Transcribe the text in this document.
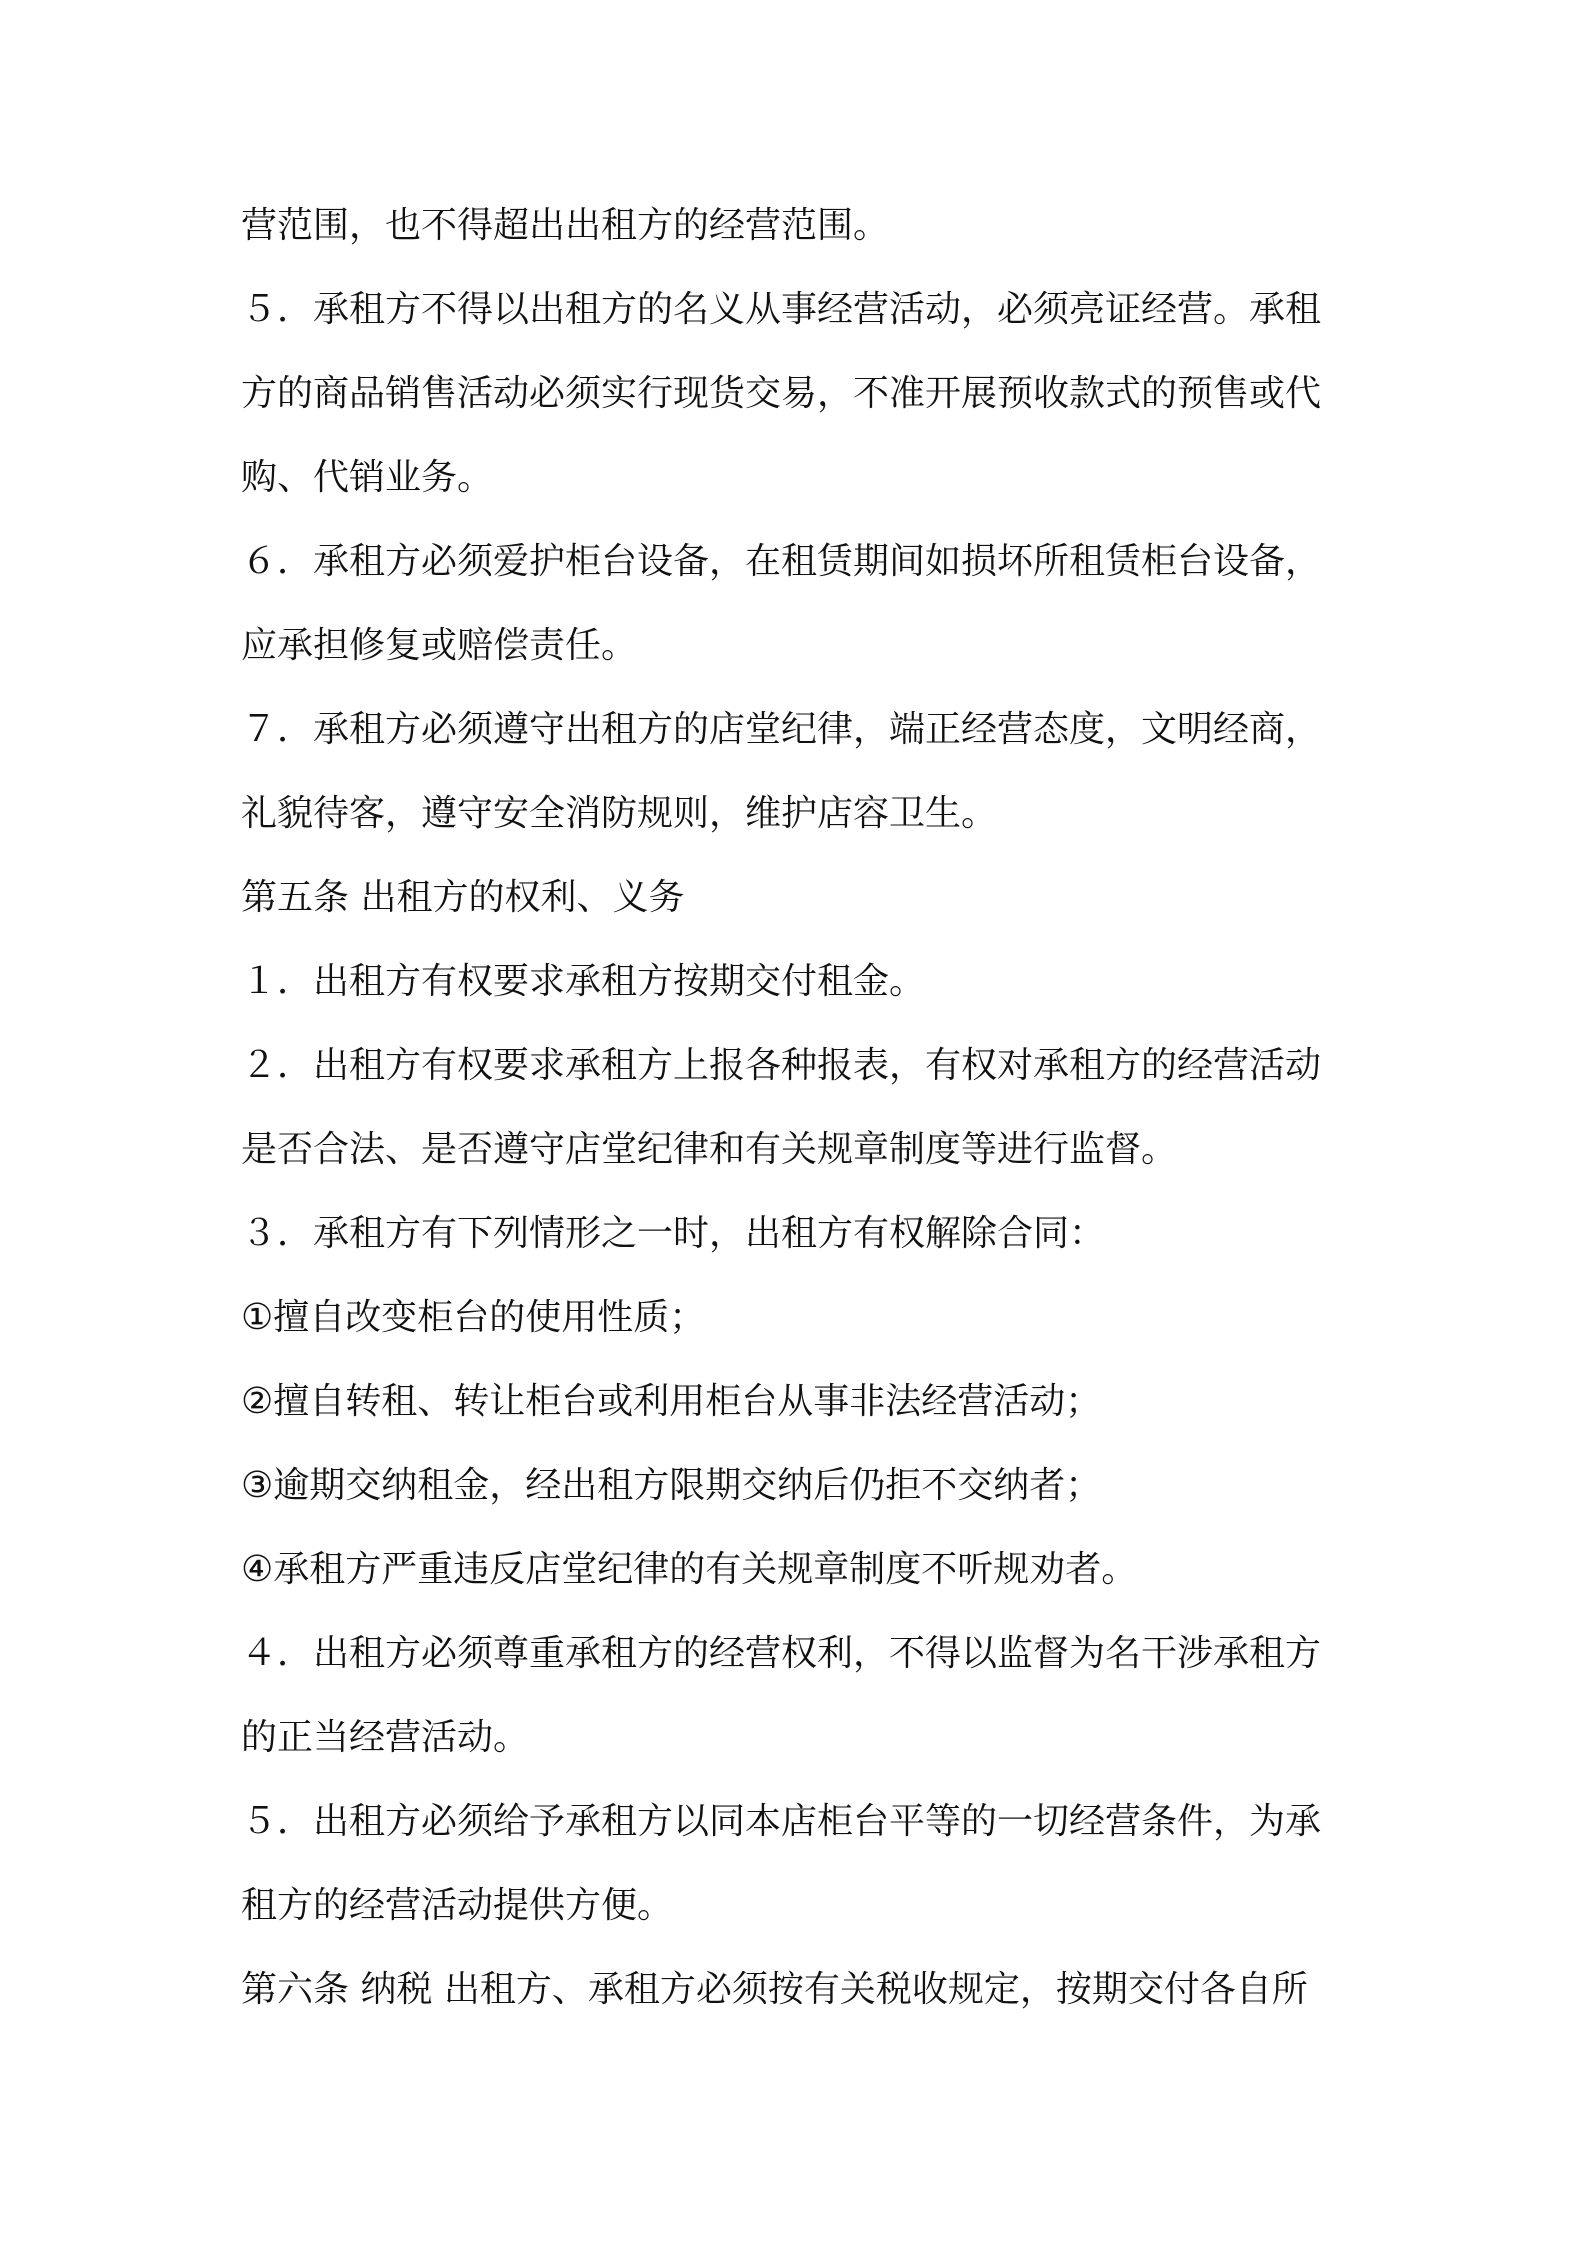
营范围，也不得超出出租方的经营范围。
５．承租方不得以出租方的名义从事经营活动，必须亮证经营。承租
方的商品销售活动必须实行现货交易，不准开展预收款式的预售或代
购、代销业务。
６．承租方必须爱护柜台设备，在租赁期间如损坏所租赁柜台设备，
应承担修复或赔偿责任。
７．承租方必须遵守出租方的店堂纪律，端正经营态度，文明经商，
礼貌待客，遵守安全消防规则，维护店容卫生。
第五条 出租方的权利、义务
１．出租方有权要求承租方按期交付租金。
２．出租方有权要求承租方上报各种报表，有权对承租方的经营活动
是否合法、是否遵守店堂纪律和有关规章制度等进行监督。
３．承租方有下列情形之一时，出租方有权解除合同：
①擅自改变柜台的使用性质；
②擅自转租、转让柜台或利用柜台从事非法经营活动；
③逾期交纳租金，经出租方限期交纳后仍拒不交纳者；
④承租方严重违反店堂纪律的有关规章制度不听规劝者。
４．出租方必须尊重承租方的经营权利，不得以监督为名干涉承租方
的正当经营活动。
５．出租方必须给予承租方以同本店柜台平等的一切经营条件，为承
租方的经营活动提供方便。
第六条 纳税 出租方、承租方必须按有关税收规定，按期交付各自所
